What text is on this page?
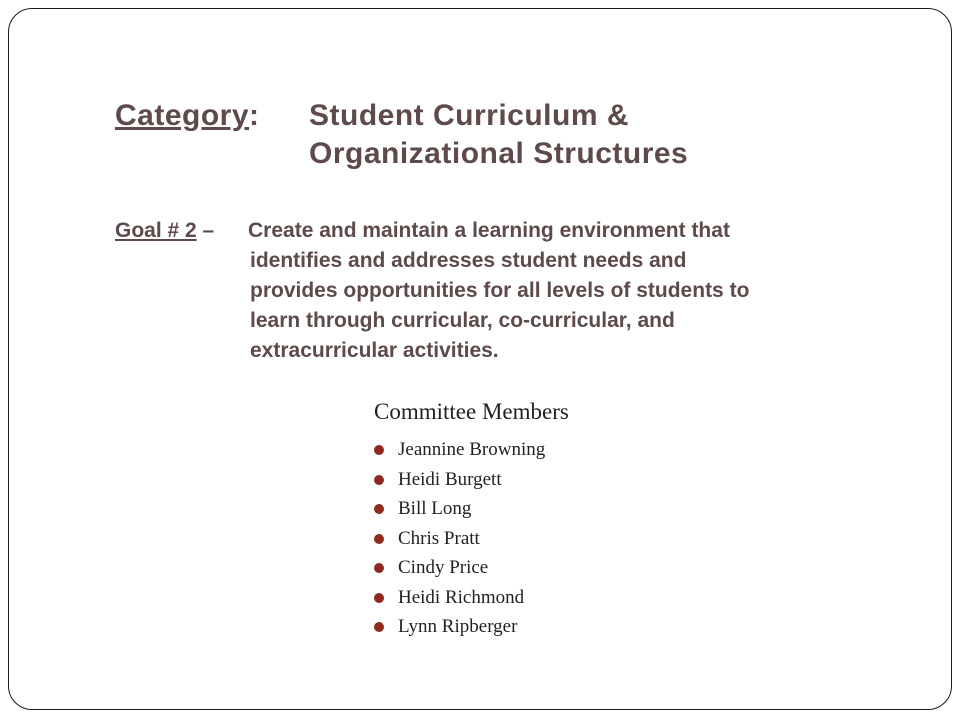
Category: Student Curriculum &
Organizational Structures
Goal # 2 – Create and maintain a learning environment that

identifies and addresses student needs and
provides opportunities for all levels of students to
learn through curricular, co-curricular, and
extracurricular activities.
Committee Members
Jeannine Browning
Heidi Burgett
Bill Long
Chris Pratt
Cindy Price
Heidi Richmond
Lynn Ripberger
